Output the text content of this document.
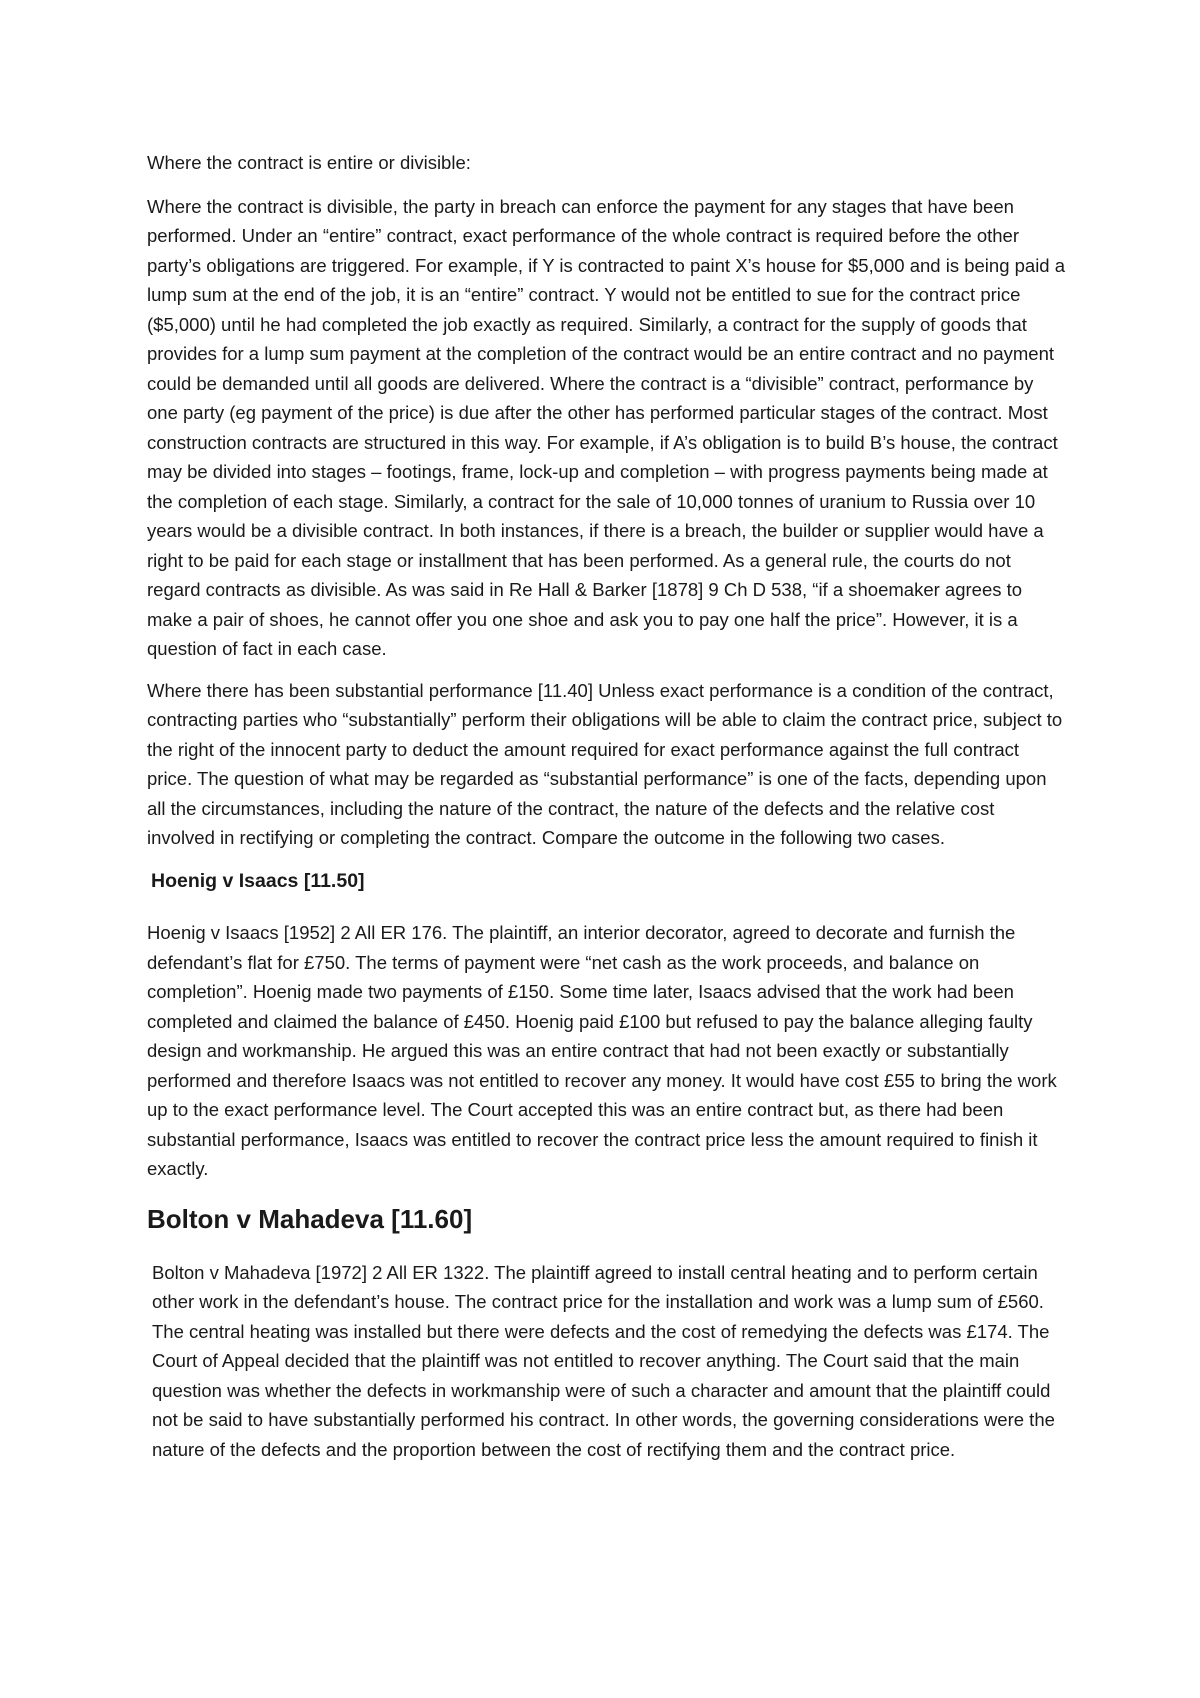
Where the contract is entire or divisible:

Where the contract is divisible, the party in breach can enforce the payment for any stages that have been performed. Under an “entire” contract, exact performance of the whole contract is required before the other party’s obligations are triggered. For example, if Y is contracted to paint X’s house for $5,000 and is being paid a lump sum at the end of the job, it is an “entire” contract. Y would not be entitled to sue for the contract price ($5,000) until he had completed the job exactly as required. Similarly, a contract for the supply of goods that provides for a lump sum payment at the completion of the contract would be an entire contract and no payment could be demanded until all goods are delivered. Where the contract is a “divisible” contract, performance by one party (eg payment of the price) is due after the other has performed particular stages of the contract. Most construction contracts are structured in this way. For example, if A’s obligation is to build B’s house, the contract may be divided into stages – footings, frame, lock-up and completion – with progress payments being made at the completion of each stage. Similarly, a contract for the sale of 10,000 tonnes of uranium to Russia over 10 years would be a divisible contract. In both instances, if there is a breach, the builder or supplier would have a right to be paid for each stage or installment that has been performed. As a general rule, the courts do not regard contracts as divisible. As was said in Re Hall & Barker [1878] 9 Ch D 538, “if a shoemaker agrees to make a pair of shoes, he cannot offer you one shoe and ask you to pay one half the price”. However, it is a question of fact in each case.

Where there has been substantial performance [11.40] Unless exact performance is a condition of the contract, contracting parties who “substantially” perform their obligations will be able to claim the contract price, subject to the right of the innocent party to deduct the amount required for exact performance against the full contract price. The question of what may be regarded as “substantial performance” is one of the facts, depending upon all the circumstances, including the nature of the contract, the nature of the defects and the relative cost involved in rectifying or completing the contract. Compare the outcome in the following two cases.

Hoenig v Isaacs [11.50]

Hoenig v Isaacs [1952] 2 All ER 176. The plaintiff, an interior decorator, agreed to decorate and furnish the defendant’s flat for £750. The terms of payment were “net cash as the work proceeds, and balance on completion”. Hoenig made two payments of £150. Some time later, Isaacs advised that the work had been completed and claimed the balance of £450. Hoenig paid £100 but refused to pay the balance alleging faulty design and workmanship. He argued this was an entire contract that had not been exactly or substantially performed and therefore Isaacs was not entitled to recover any money. It would have cost £55 to bring the work up to the exact performance level. The Court accepted this was an entire contract but, as there had been substantial performance, Isaacs was entitled to recover the contract price less the amount required to finish it exactly.

Bolton v Mahadeva [11.60]

Bolton v Mahadeva [1972] 2 All ER 1322. The plaintiff agreed to install central heating and to perform certain other work in the defendant’s house. The contract price for the installation and work was a lump sum of £560. The central heating was installed but there were defects and the cost of remedying the defects was £174. The Court of Appeal decided that the plaintiff was not entitled to recover anything. The Court said that the main question was whether the defects in workmanship were of such a character and amount that the plaintiff could not be said to have substantially performed his contract. In other words, the governing considerations were the nature of the defects and the proportion between the cost of rectifying them and the contract price.
